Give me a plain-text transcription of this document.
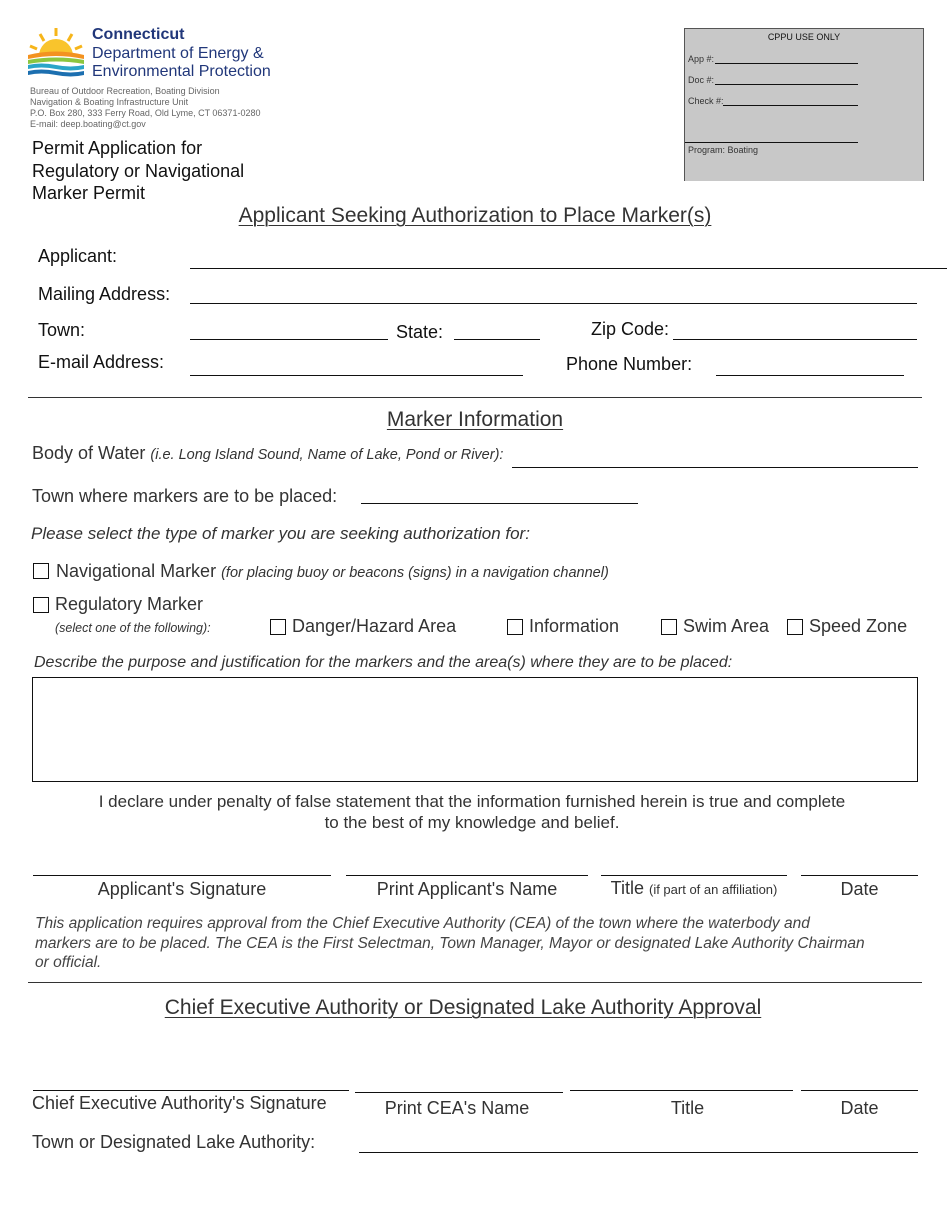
Connecticut
Department of Energy &
Environmental Protection
Bureau of Outdoor Recreation, Boating Division
Navigation & Boating Infrastructure Unit
P.O. Box 280, 333 Ferry Road, Old Lyme, CT 06371-0280
E-mail: deep.boating@ct.gov
Permit Application for
Regulatory or Navigational
Marker Permit
CPPU USE ONLY
App #:
Doc #:
Check #:
Program: Boating
Applicant Seeking Authorization to Place Marker(s)
Applicant:
Mailing Address:
Town:	State:	Zip Code:
E-mail Address:	Phone Number:
Marker Information
Body of Water (i.e. Long Island Sound, Name of Lake, Pond or River):
Town where markers are to be placed:
Please select the type of marker you are seeking authorization for:
Navigational Marker (for placing buoy or beacons (signs) in a navigation channel)
Regulatory Marker
(select one of the following):	Danger/Hazard Area	Information	Swim Area Speed Zone
Describe the purpose and justification for the markers and the area(s) where they are to be placed:
I declare under penalty of false statement that the information furnished herein is true and complete
to the best of my knowledge and belief.
Applicant's Signature	Print Applicant's Name	Title (if part of an affiliation)	Date
This application requires approval from the Chief Executive Authority (CEA) of the town where the waterbody and
markers are to be placed. The CEA is the First Selectman, Town Manager, Mayor or designated Lake Authority Chairman
or official.
Chief Executive Authority or Designated Lake Authority Approval
Chief Executive Authority's Signature	Print CEA's Name	Title	Date
Town or Designated Lake Authority:
